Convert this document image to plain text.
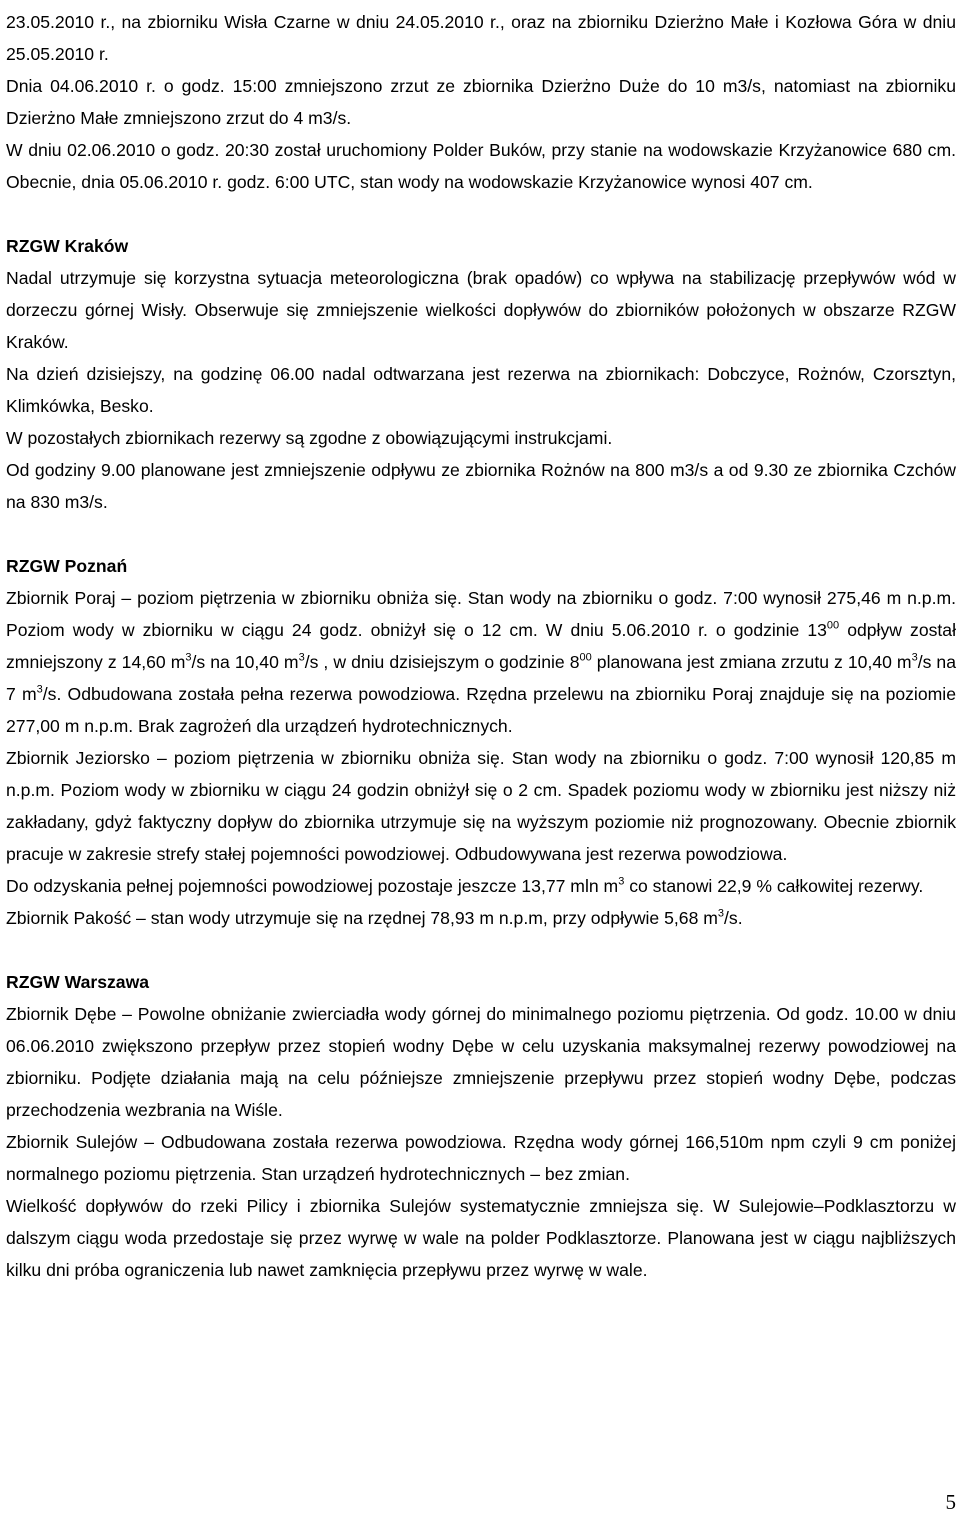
23.05.2010 r., na zbiorniku Wisła Czarne w dniu 24.05.2010 r., oraz na zbiorniku Dzierżno Małe i Kozłowa Góra w dniu 25.05.2010 r.

Dnia 04.06.2010 r. o godz. 15:00 zmniejszono zrzut ze zbiornika Dzierżno Duże do 10 m3/s, natomiast na zbiorniku Dzierżno Małe zmniejszono zrzut do 4 m3/s.

W dniu 02.06.2010 o godz. 20:30 został uruchomiony Polder Buków, przy stanie na wodowskazie Krzyżanowice 680 cm. Obecnie, dnia 05.06.2010 r. godz. 6:00 UTC, stan wody na wodowskazie Krzyżanowice wynosi 407 cm.

RZGW Kraków

Nadal utrzymuje się korzystna sytuacja meteorologiczna (brak opadów) co wpływa na stabilizację przepływów wód w dorzeczu górnej Wisły. Obserwuje się zmniejszenie wielkości dopływów do zbiorników położonych w obszarze RZGW Kraków.

Na dzień dzisiejszy, na godzinę 06.00 nadal odtwarzana jest rezerwa na zbiornikach: Dobczyce, Rożnów, Czorsztyn, Klimkówka, Besko.

W pozostałych zbiornikach rezerwy są zgodne z obowiązującymi instrukcjami.

Od godziny 9.00 planowane jest zmniejszenie odpływu ze zbiornika Rożnów na 800 m3/s a od 9.30 ze zbiornika Czchów na 830 m3/s.

RZGW Poznań

Zbiornik Poraj – poziom piętrzenia w zbiorniku obniża się. Stan wody na zbiorniku o godz. 7:00 wynosił 275,46 m n.p.m. Poziom wody w zbiorniku w ciągu 24 godz. obniżył się o 12 cm. W dniu 5.06.2010 r. o godzinie $13^{00}$ odpływ został zmniejszony z 14,60 $m^3/s$ na 10,40 $m^3/s$ , w dniu dzisiejszym o godzinie $8^{00}$ planowana jest zmiana zrzutu z 10,40 $m^3/s$ na 7 $m^3/s$. Odbudowana została pełna rezerwa powodziowa. Rzędna przelewu na zbiorniku Poraj znajduje się na poziomie 277,00 m n.p.m. Brak zagrożeń dla urządzeń hydrotechnicznych.

Zbiornik Jeziorsko – poziom piętrzenia w zbiorniku obniża się. Stan wody na zbiorniku o godz. 7:00 wynosił 120,85 m n.p.m. Poziom wody w zbiorniku w ciągu 24 godzin obniżył się o 2 cm. Spadek poziomu wody w zbiorniku jest niższy niż zakładany, gdyż faktyczny dopływ do zbiornika utrzymuje się na wyższym poziomie niż prognozowany. Obecnie zbiornik pracuje w zakresie strefy stałej pojemności powodziowej. Odbudowywana jest rezerwa powodziowa.

Do odzyskania pełnej pojemności powodziowej pozostaje jeszcze 13,77 mln $m^3$ co stanowi 22,9 % całkowitej rezerwy.

Zbiornik Pakość – stan wody utrzymuje się na rzędnej 78,93 m n.p.m, przy odpływie 5,68 $m^3/s$.

RZGW Warszawa

Zbiornik Dębe – Powolne obniżanie zwierciadła wody górnej do minimalnego poziomu piętrzenia. Od godz. 10.00 w dniu 06.06.2010 zwiększono przepływ przez stopień wodny Dębe w celu uzyskania maksymalnej rezerwy powodziowej na zbiorniku. Podjęte działania mają na celu późniejsze zmniejszenie przepływu przez stopień wodny Dębe, podczas przechodzenia wezbrania na Wiśle.

Zbiornik Sulejów – Odbudowana została rezerwa powodziowa. Rzędna wody górnej 166,510m npm czyli 9 cm poniżej normalnego poziomu piętrzenia. Stan urządzeń hydrotechnicznych – bez zmian.

Wielkość dopływów do rzeki Pilicy i zbiornika Sulejów systematycznie zmniejsza się. W Sulejowie–Podklasztorzu w dalszym ciągu woda przedostaje się przez wyrwę w wale na polder Podklasztorze. Planowana jest w ciągu najbliższych kilku dni próba ograniczenia lub nawet zamknięcia przepływu przez wyrwę w wale.

5
